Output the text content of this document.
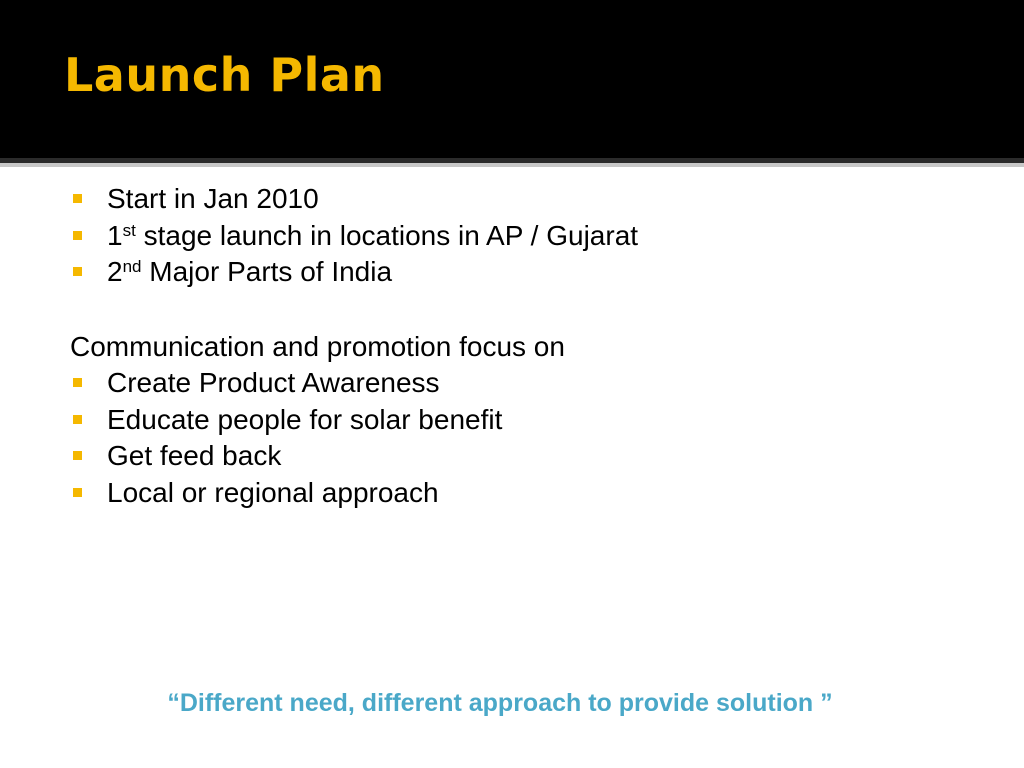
Launch Plan
Start in Jan 2010
1st stage launch in locations in AP / Gujarat
2nd Major Parts of India
Communication and promotion focus on
Create Product Awareness
Educate people for solar benefit
Get feed back
Local or regional approach
“Different need, different approach to provide solution ”
